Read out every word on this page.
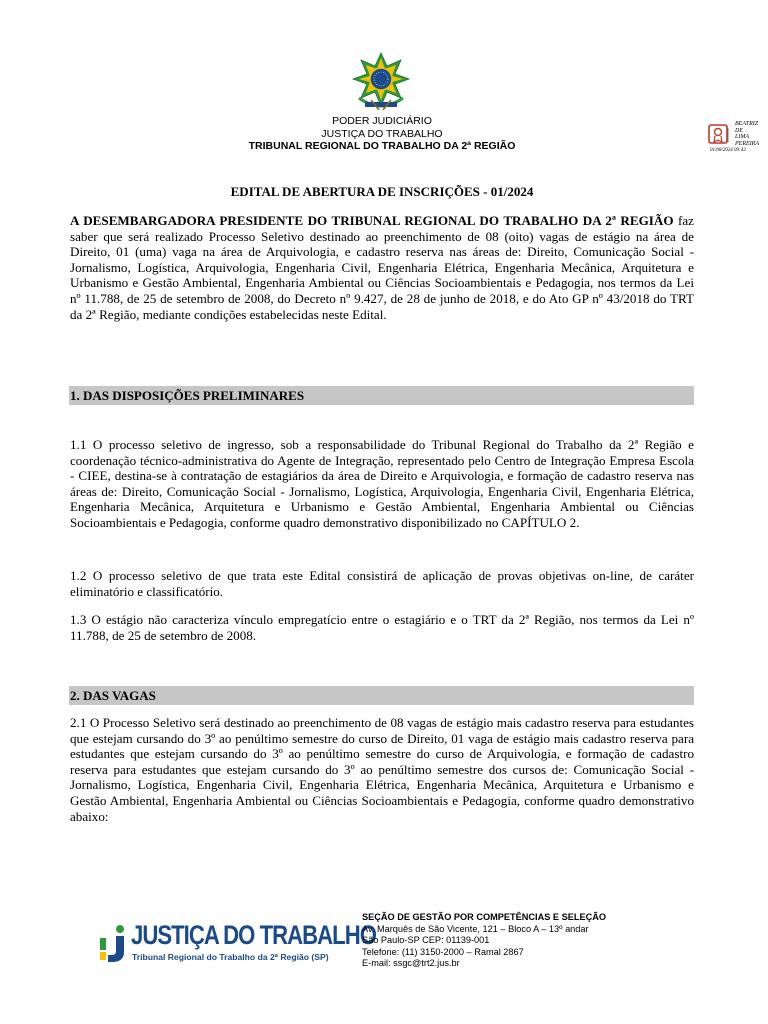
PODER JUDICIÁRIO
JUSTIÇA DO TRABALHO
TRIBUNAL REGIONAL DO TRABALHO DA 2ª REGIÃO
BEATRIZ
DE
LIMA
PEREIRA
01/08/2024 09:42
EDITAL DE ABERTURA DE INSCRIÇÕES - 01/2024
A DESEMBARGADORA PRESIDENTE DO TRIBUNAL REGIONAL DO TRABALHO DA 2ª REGIÃO faz saber que será realizado Processo Seletivo destinado ao preenchimento de 08 (oito) vagas de estágio na área de Direito, 01 (uma) vaga na área de Arquivologia, e cadastro reserva nas áreas de: Direito, Comunicação Social - Jornalismo, Logística, Arquivologia, Engenharia Civil, Engenharia Elétrica, Engenharia Mecânica, Arquitetura e Urbanismo e Gestão Ambiental, Engenharia Ambiental ou Ciências Socioambientais e Pedagogia, nos termos da Lei nº 11.788, de 25 de setembro de 2008, do Decreto nº 9.427, de 28 de junho de 2018, e do Ato GP nº 43/2018 do TRT da 2ª Região, mediante condições estabelecidas neste Edital.
1. DAS DISPOSIÇÕES PRELIMINARES
1.1 O processo seletivo de ingresso, sob a responsabilidade do Tribunal Regional do Trabalho da 2ª Região e coordenação técnico-administrativa do Agente de Integração, representado pelo Centro de Integração Empresa Escola - CIEE, destina-se à contratação de estagiários da área de Direito e Arquivologia, e formação de cadastro reserva nas áreas de: Direito, Comunicação Social - Jornalismo, Logística, Arquivologia, Engenharia Civil, Engenharia Elétrica, Engenharia Mecânica, Arquitetura e Urbanismo e Gestão Ambiental, Engenharia Ambiental ou Ciências Socioambientais e Pedagogia, conforme quadro demonstrativo disponibilizado no CAPÍTULO 2.
1.2 O processo seletivo de que trata este Edital consistirá de aplicação de provas objetivas on-line, de caráter eliminatório e classificatório.
1.3 O estágio não caracteriza vínculo empregatício entre o estagiário e o TRT da 2ª Região, nos termos da Lei nº 11.788, de 25 de setembro de 2008.
2. DAS VAGAS
2.1 O Processo Seletivo será destinado ao preenchimento de 08 vagas de estágio mais cadastro reserva para estudantes que estejam cursando do 3º ao penúltimo semestre do curso de Direito, 01 vaga de estágio mais cadastro reserva para estudantes que estejam cursando do 3º ao penúltimo semestre do curso de Arquivologia, e formação de cadastro reserva para estudantes que estejam cursando do 3º ao penúltimo semestre dos cursos de: Comunicação Social - Jornalismo, Logística, Engenharia Civil, Engenharia Elétrica, Engenharia Mecânica, Arquitetura e Urbanismo e Gestão Ambiental, Engenharia Ambiental ou Ciências Socioambientais e Pedagogia, conforme quadro demonstrativo abaixo:
JUSTIÇA DO TRABALHO
Tribunal Regional do Trabalho da 2ª Região (SP)
SEÇÃO DE GESTÃO POR COMPETÊNCIAS E SELEÇÃO
Av. Marquês de São Vicente, 121 – Bloco A – 13º andar
São Paulo-SP CEP: 01139-001
Telefone: (11) 3150-2000 – Ramal 2867
E-mail: ssgc@trt2.jus.br
